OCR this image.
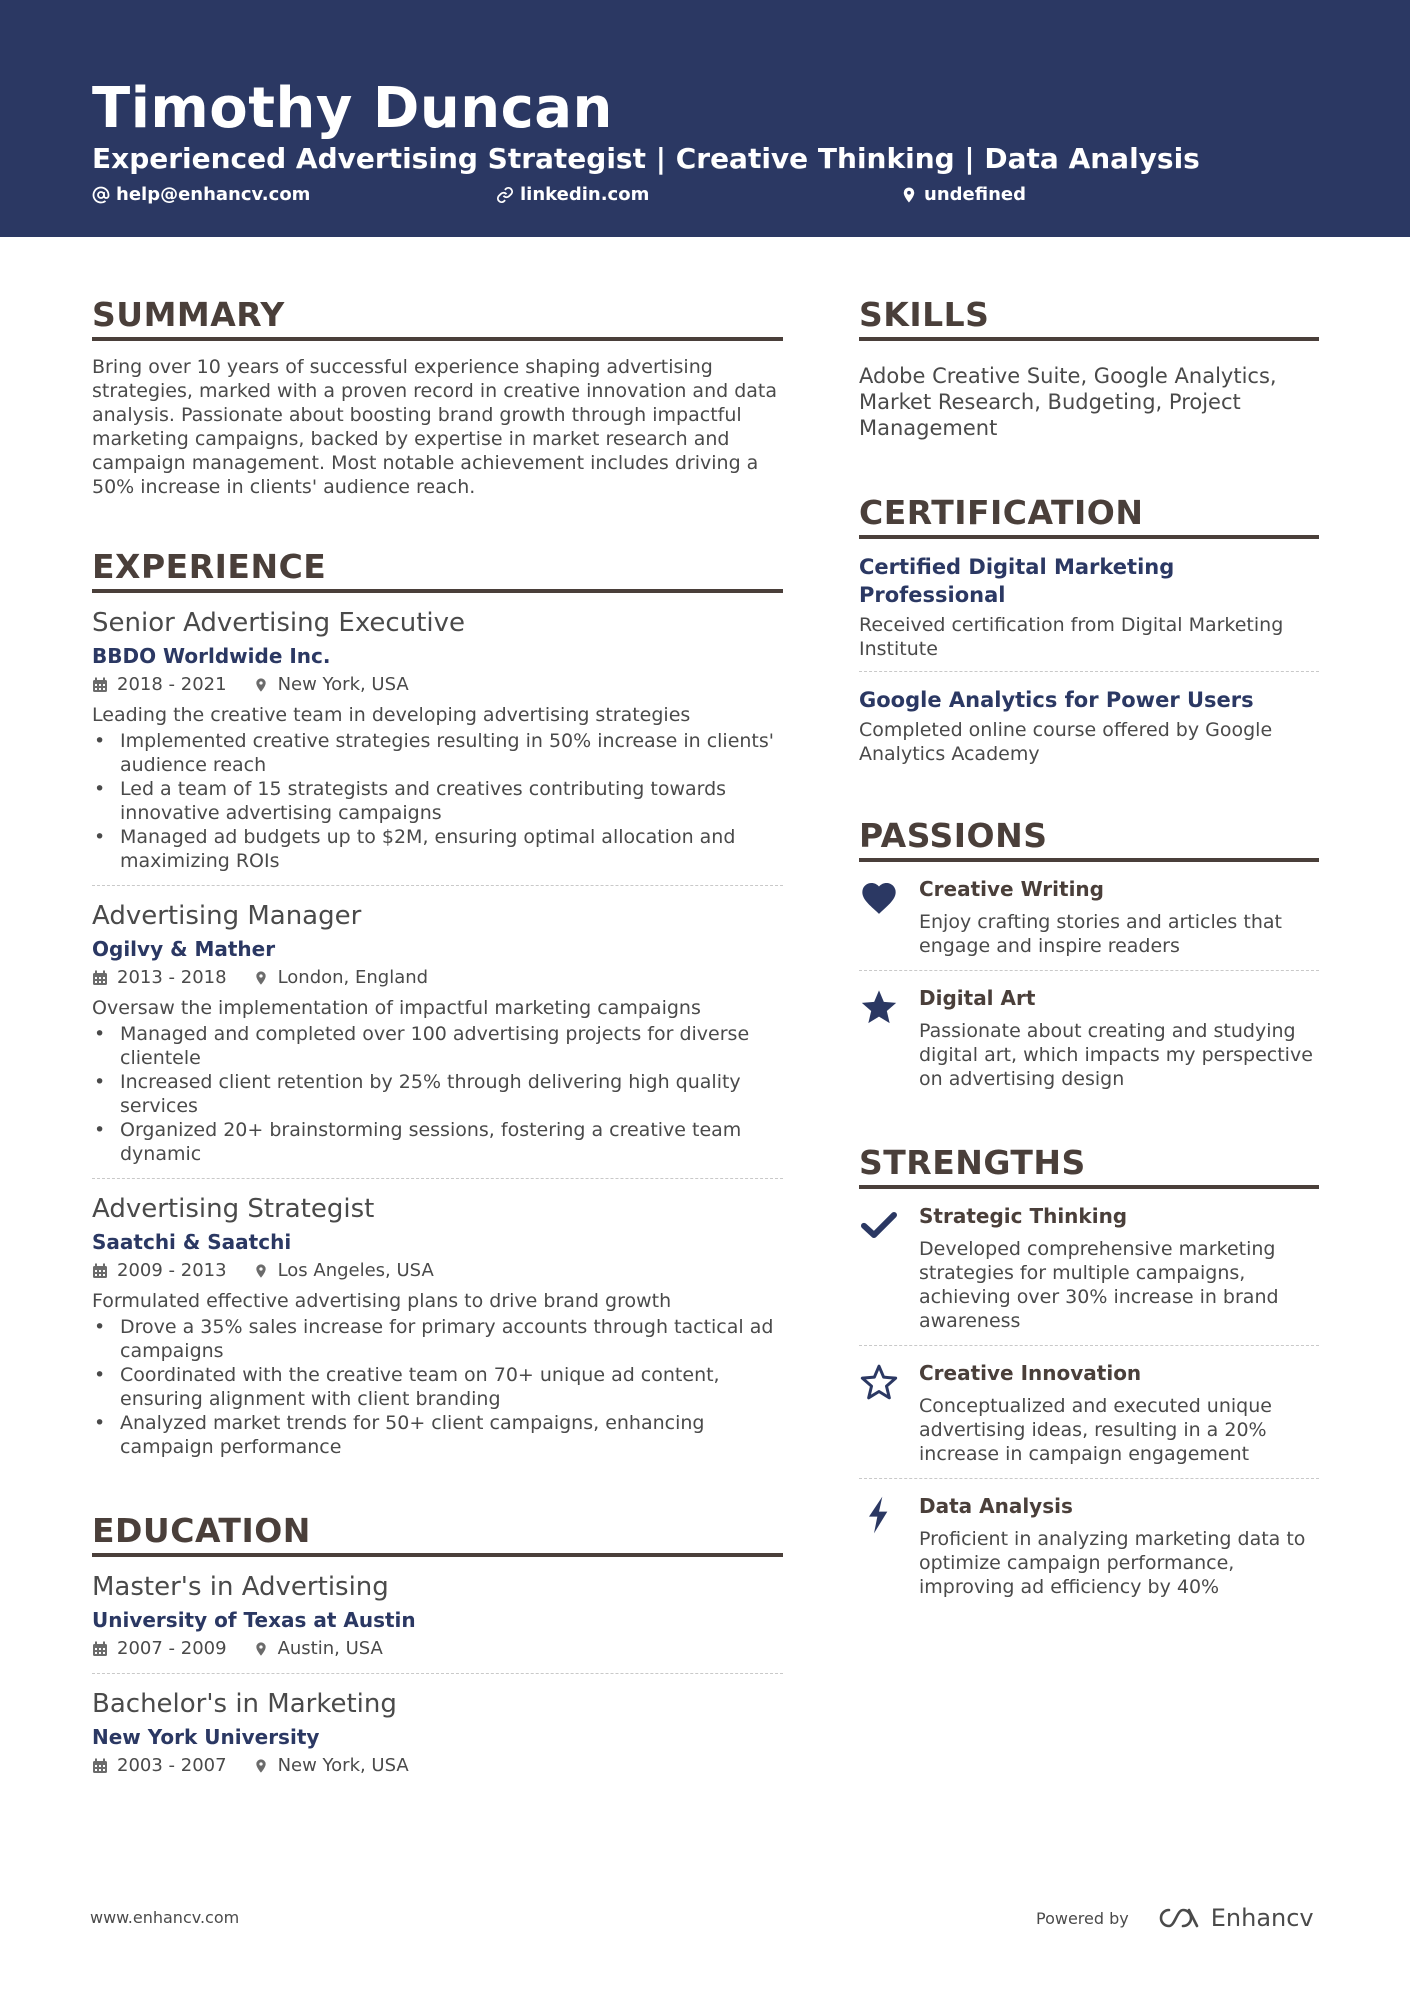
Timothy Duncan
Experienced Advertising Strategist | Creative Thinking | Data Analysis
help@enhancv.com	linkedin.com	undefined
SUMMARY
Bring over 10 years of successful experience shaping advertising strategies, marked with a proven record in creative innovation and data analysis. Passionate about boosting brand growth through impactful marketing campaigns, backed by expertise in market research and campaign management. Most notable achievement includes driving a 50% increase in clients' audience reach.
EXPERIENCE
Senior Advertising Executive
BBDO Worldwide Inc.
2018 - 2021	New York, USA
Leading the creative team in developing advertising strategies
• Implemented creative strategies resulting in 50% increase in clients' audience reach
• Led a team of 15 strategists and creatives contributing towards innovative advertising campaigns
• Managed ad budgets up to $2M, ensuring optimal allocation and maximizing ROIs
Advertising Manager
Ogilvy & Mather
2013 - 2018	London, England
Oversaw the implementation of impactful marketing campaigns
• Managed and completed over 100 advertising projects for diverse clientele
• Increased client retention by 25% through delivering high quality services
• Organized 20+ brainstorming sessions, fostering a creative team dynamic
Advertising Strategist
Saatchi & Saatchi
2009 - 2013	Los Angeles, USA
Formulated effective advertising plans to drive brand growth
• Drove a 35% sales increase for primary accounts through tactical ad campaigns
• Coordinated with the creative team on 70+ unique ad content, ensuring alignment with client branding
• Analyzed market trends for 50+ client campaigns, enhancing campaign performance
EDUCATION
Master's in Advertising
University of Texas at Austin
2007 - 2009	Austin, USA
Bachelor's in Marketing
New York University
2003 - 2007	New York, USA
SKILLS
Adobe Creative Suite, Google Analytics, Market Research, Budgeting, Project Management
CERTIFICATION
Certified Digital Marketing Professional
Received certification from Digital Marketing Institute
Google Analytics for Power Users
Completed online course offered by Google Analytics Academy
PASSIONS
Creative Writing
Enjoy crafting stories and articles that engage and inspire readers
Digital Art
Passionate about creating and studying digital art, which impacts my perspective on advertising design
STRENGTHS
Strategic Thinking
Developed comprehensive marketing strategies for multiple campaigns, achieving over 30% increase in brand awareness
Creative Innovation
Conceptualized and executed unique advertising ideas, resulting in a 20% increase in campaign engagement
Data Analysis
Proficient in analyzing marketing data to optimize campaign performance, improving ad efficiency by 40%
www.enhancv.com	Powered by	Enhancv
